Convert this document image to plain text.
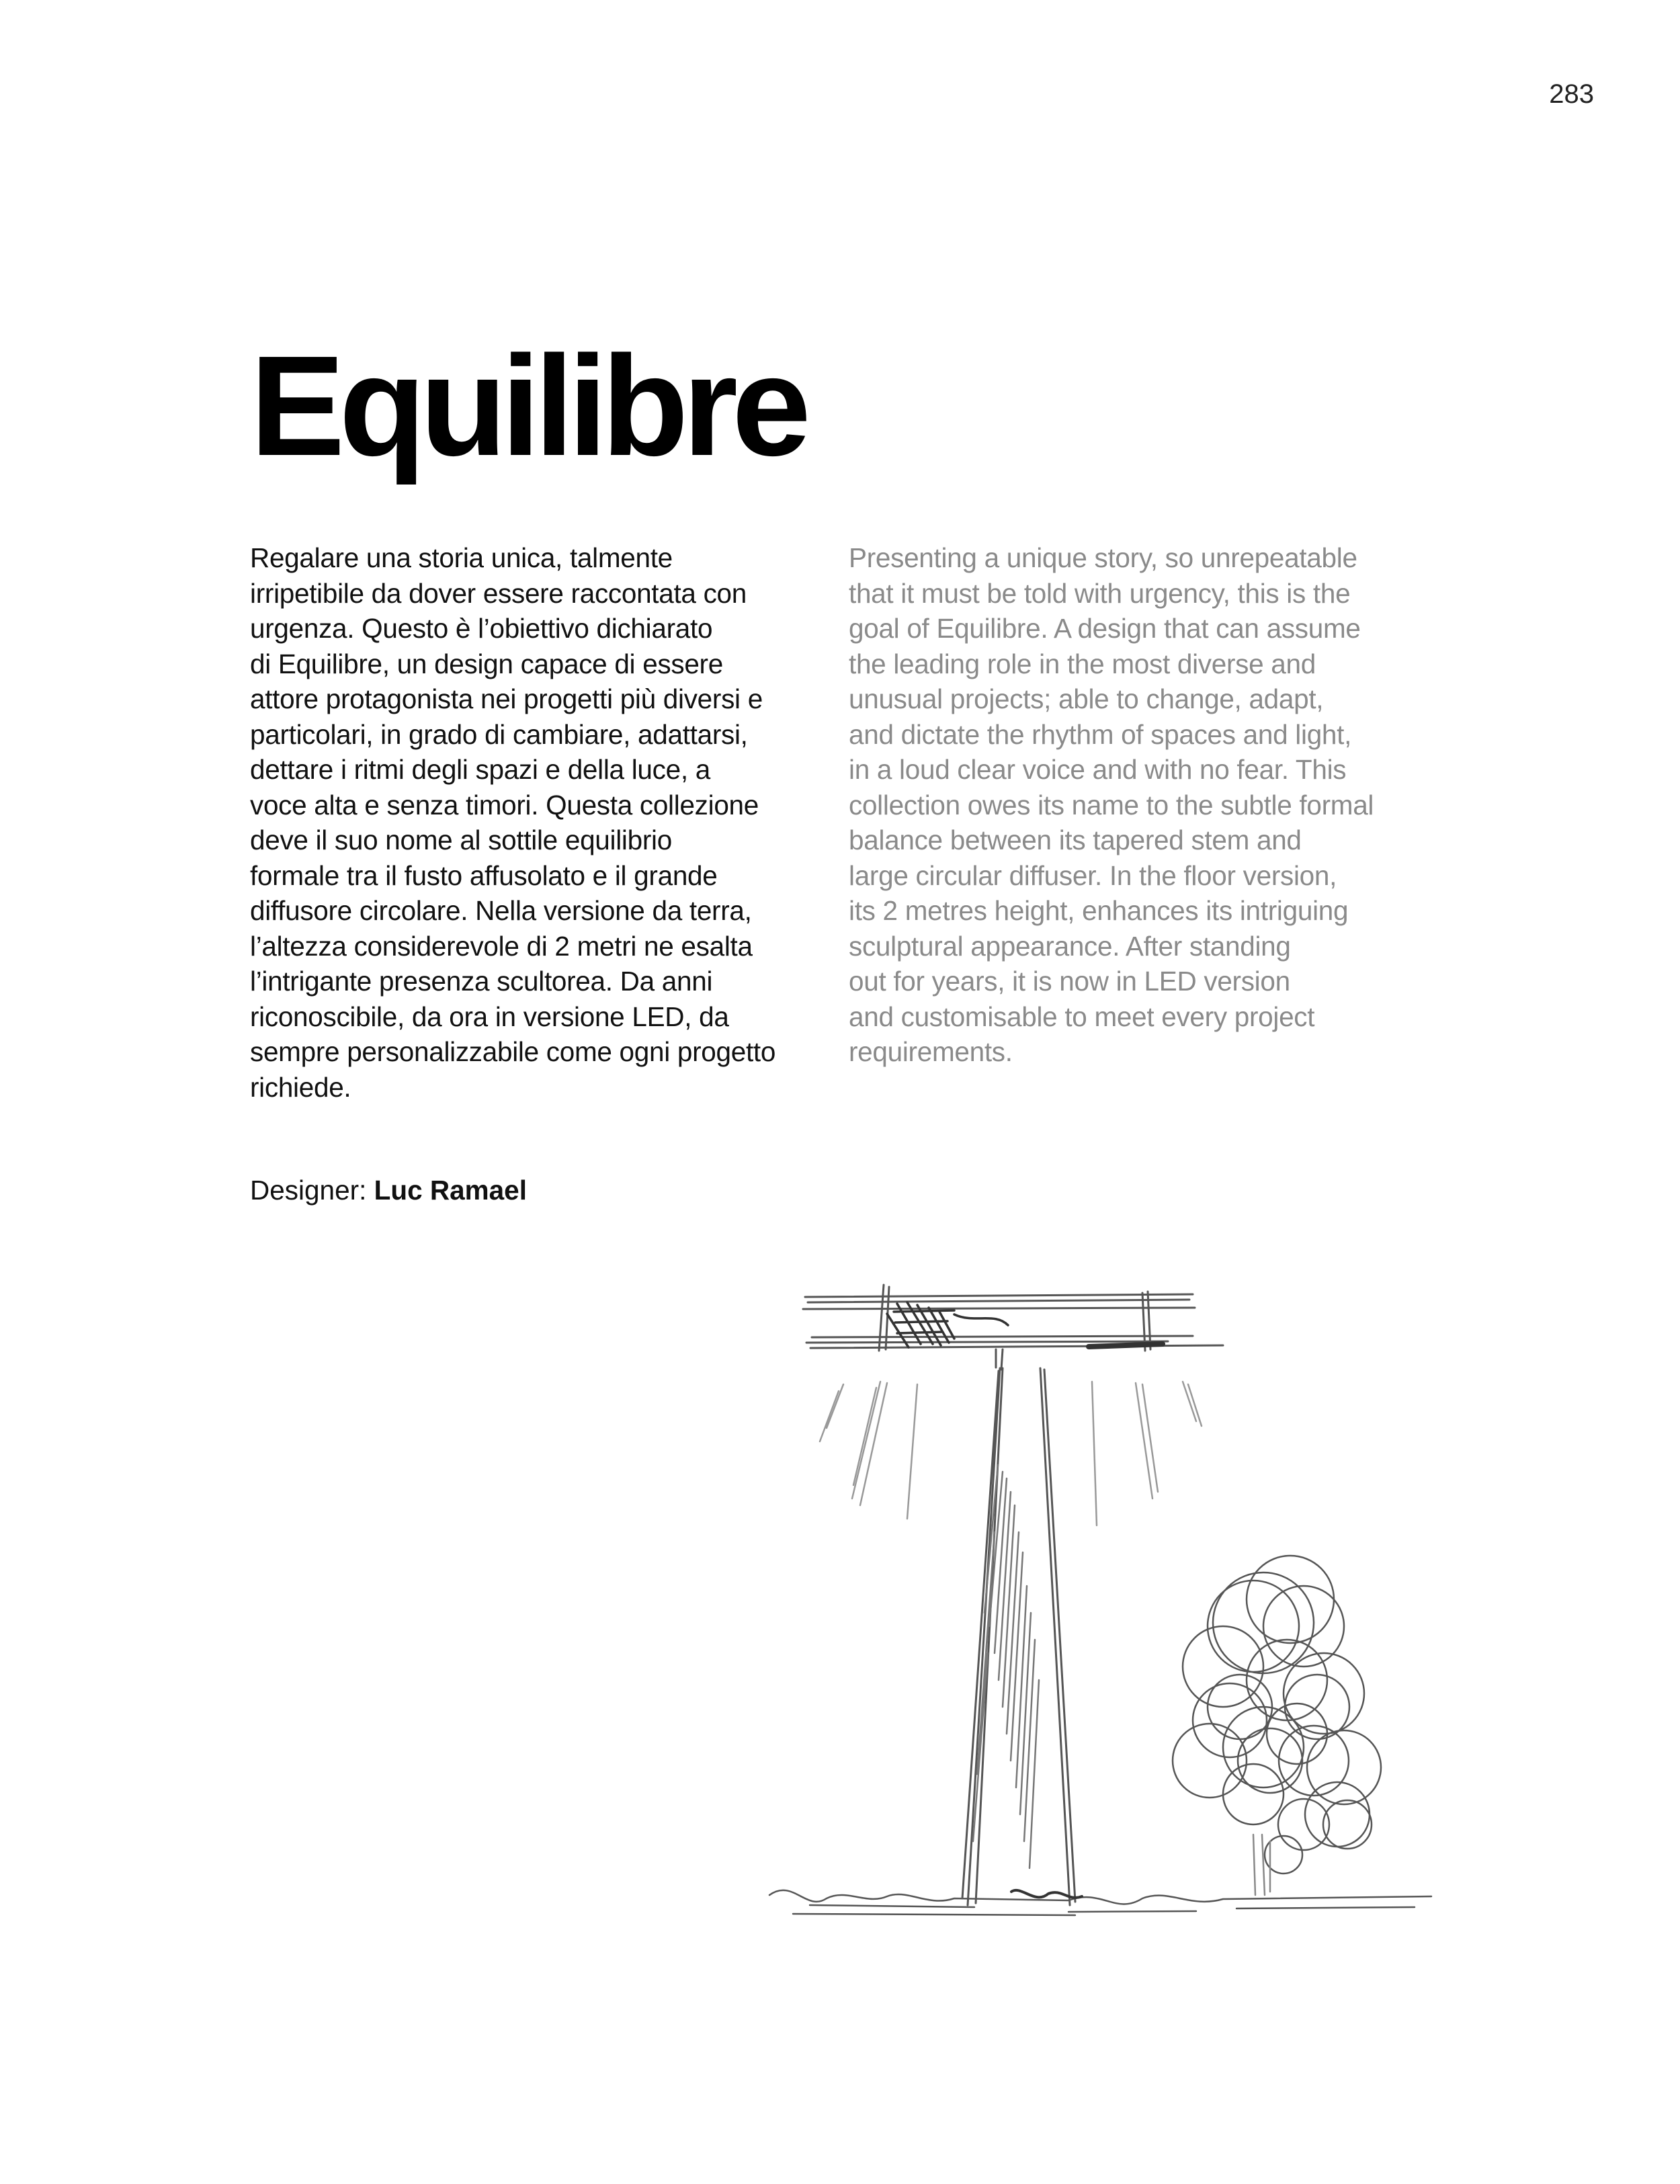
283
Equilibre
Regalare una storia unica, talmente
irripetibile da dover essere raccontata con
urgenza. Questo è l’obiettivo dichiarato
di Equilibre, un design capace di essere
attore protagonista nei progetti più diversi e
particolari, in grado di cambiare, adattarsi,
dettare i ritmi degli spazi e della luce, a
voce alta e senza timori. Questa collezione
deve il suo nome al sottile equilibrio
formale tra il fusto affusolato e il grande
diffusore circolare. Nella versione da terra,
l’altezza considerevole di 2 metri ne esalta
l’intrigante presenza scultorea. Da anni
riconoscibile, da ora in versione LED, da
sempre personalizzabile come ogni progetto
richiede.
Presenting a unique story, so unrepeatable
that it must be told with urgency, this is the
goal of Equilibre. A design that can assume
the leading role in the most diverse and
unusual projects; able to change, adapt,
and dictate the rhythm of spaces and light,
in a loud clear voice and with no fear. This
collection owes its name to the subtle formal
balance between its tapered stem and
large circular diffuser. In the floor version,
its 2 metres height, enhances its intriguing
sculptural appearance. After standing
out for years, it is now in LED version
and customisable to meet every project
requirements.
Designer: Luc Ramael
